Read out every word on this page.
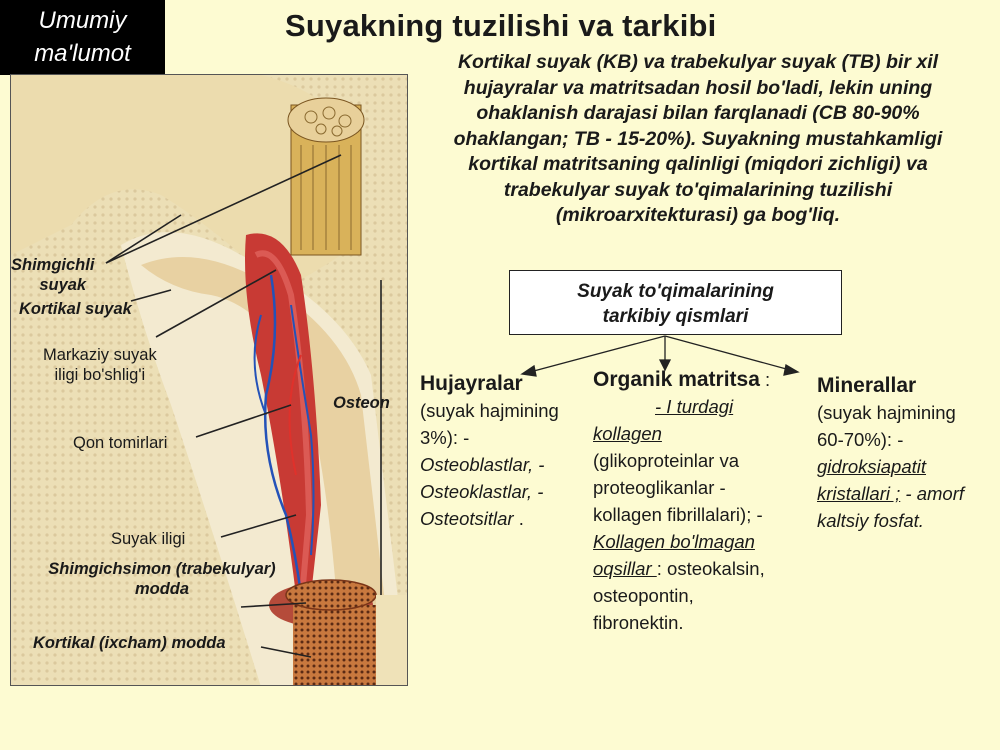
Umumiy
ma'lumot
Suyakning tuzilishi va tarkibi
Kortikal suyak (KB) va trabekulyar suyak (TB) bir xil hujayralar va matritsadan hosil bo'ladi, lekin uning ohaklanish darajasi bilan farqlanadi (CB 80-90% ohaklangan; TB - 15-20%). Suyakning mustahkamligi kortikal matritsaning qalinligi (miqdori zichligi) va trabekulyar suyak to'qimalarining tuzilishi (mikroarxitekturasi) ga bog'liq.
Shimgichli
suyak
Kortikal suyak
Markaziy suyak
iligi bo'shlig'i
Qon tomirlari
Osteon
Suyak iligi
Shimgichsimon (trabekulyar)
modda
Kortikal (ixcham) modda
Suyak to'qimalarining
tarkibiy qismlari
Hujayralar
(suyak hajmining
3%): -
Osteoblastlar, -
Osteoklastlar, -
Osteotsitlar .
Organik matritsa :
- I turdagi
kollagen
(glikoproteinlar va
proteoglikanlar -
kollagen fibrillalari); -
Kollagen bo'lmagan
oqsillar : osteokalsin,
osteopontin,
fibronektin.
Minerallar
(suyak hajmining
60-70%): -
gidroksiapatit
kristallari ; - amorf
kaltsiy fosfat.
